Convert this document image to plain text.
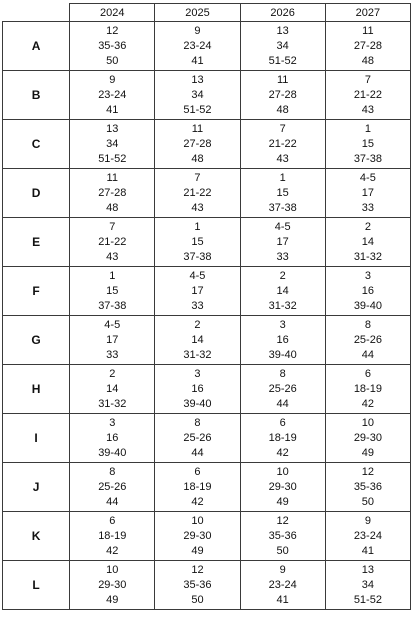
	2024	2025	2026	2027
A	12
35-36
50	9
23-24
41	13
34
51-52	11
27-28
48

B	9
23-24
41	13
34
51-52	11
27-28
48	7
21-22
43

C	13
34
51-52	11
27-28
48	7
21-22
43	1
15
37-38

D	11
27-28
48	7
21-22
43	1
15
37-38	4-5
17
33

E	7
21-22
43	1
15
37-38	4-5
17
33	2
14
31-32

F	1
15
37-38	4-5
17
33	2
14
31-32	3
16
39-40

G	4-5
17
33	2
14
31-32	3
16
39-40	8
25-26
44

H	2
14
31-32	3
16
39-40	8
25-26
44	6
18-19
42

I	3
16
39-40	8
25-26
44	6
18-19
42	10
29-30
49

J	8
25-26
44	6
18-19
42	10
29-30
49	12
35-36
50

K	6
18-19
42	10
29-30
49	12
35-36
50	9
23-24
41

L	10
29-30
49	12
35-36
50	9
23-24
41	13
34
51-52
